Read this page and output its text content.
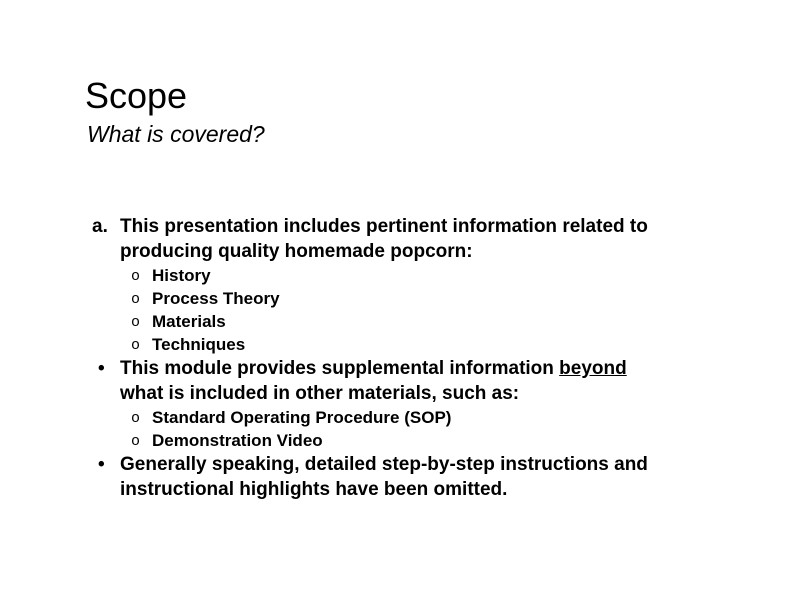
Scope
What is covered?
a. This presentation includes pertinent information related to
producing quality homemade popcorn:
o History
o Process Theory
o Materials
o Techniques
• This module provides supplemental information beyond
what is included in other materials, such as:
o Standard Operating Procedure (SOP)
o Demonstration Video
• Generally speaking, detailed step-by-step instructions and
instructional highlights have been omitted.
